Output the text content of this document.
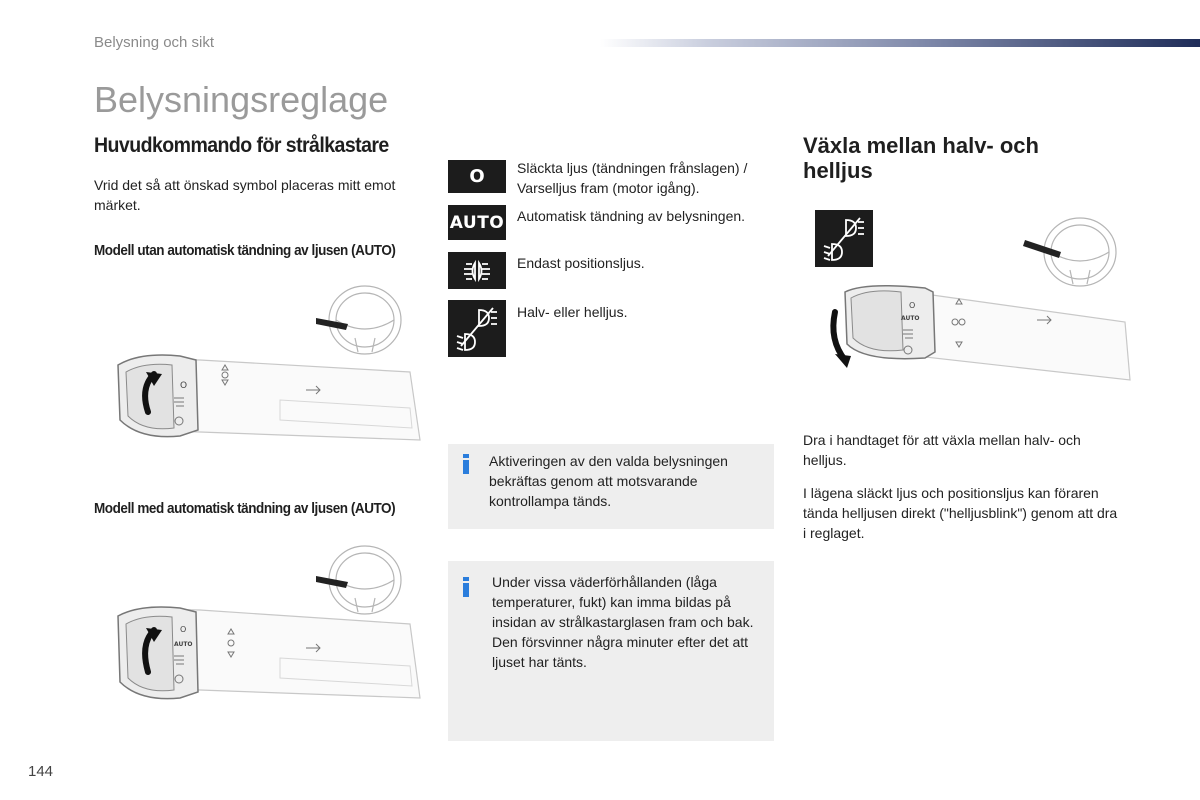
Belysning och sikt
Belysningsreglage
Huvudkommando för strålkastare

Vrid det så att önskad symbol placeras mitt emot märket.

Modell utan automatisk tändning av ljusen (AUTO)
O
Modell med automatisk tändning av ljusen (AUTO)
O
AUTO
O Släckta ljus (tändningen frånslagen) / Varselljus fram (motor igång).

AUTO Automatisk tändning av belysningen.

Endast positionsljus.

Halv- eller helljus.

Aktiveringen av den valda belysningen bekräftas genom att motsvarande kontrollampa tänds.

Under vissa väderförhållanden (låga temperaturer, fukt) kan imma bildas på insidan av strålkastarglasen fram och bak. Den försvinner några minuter efter det att ljuset har tänts.

Växla mellan halv- och helljus
O
AUTO

Dra i handtaget för att växla mellan halv- och helljus.

I lägena släckt ljus och positionsljus kan föraren tända helljusen direkt ("helljusblink") genom att dra i reglaget.

144
